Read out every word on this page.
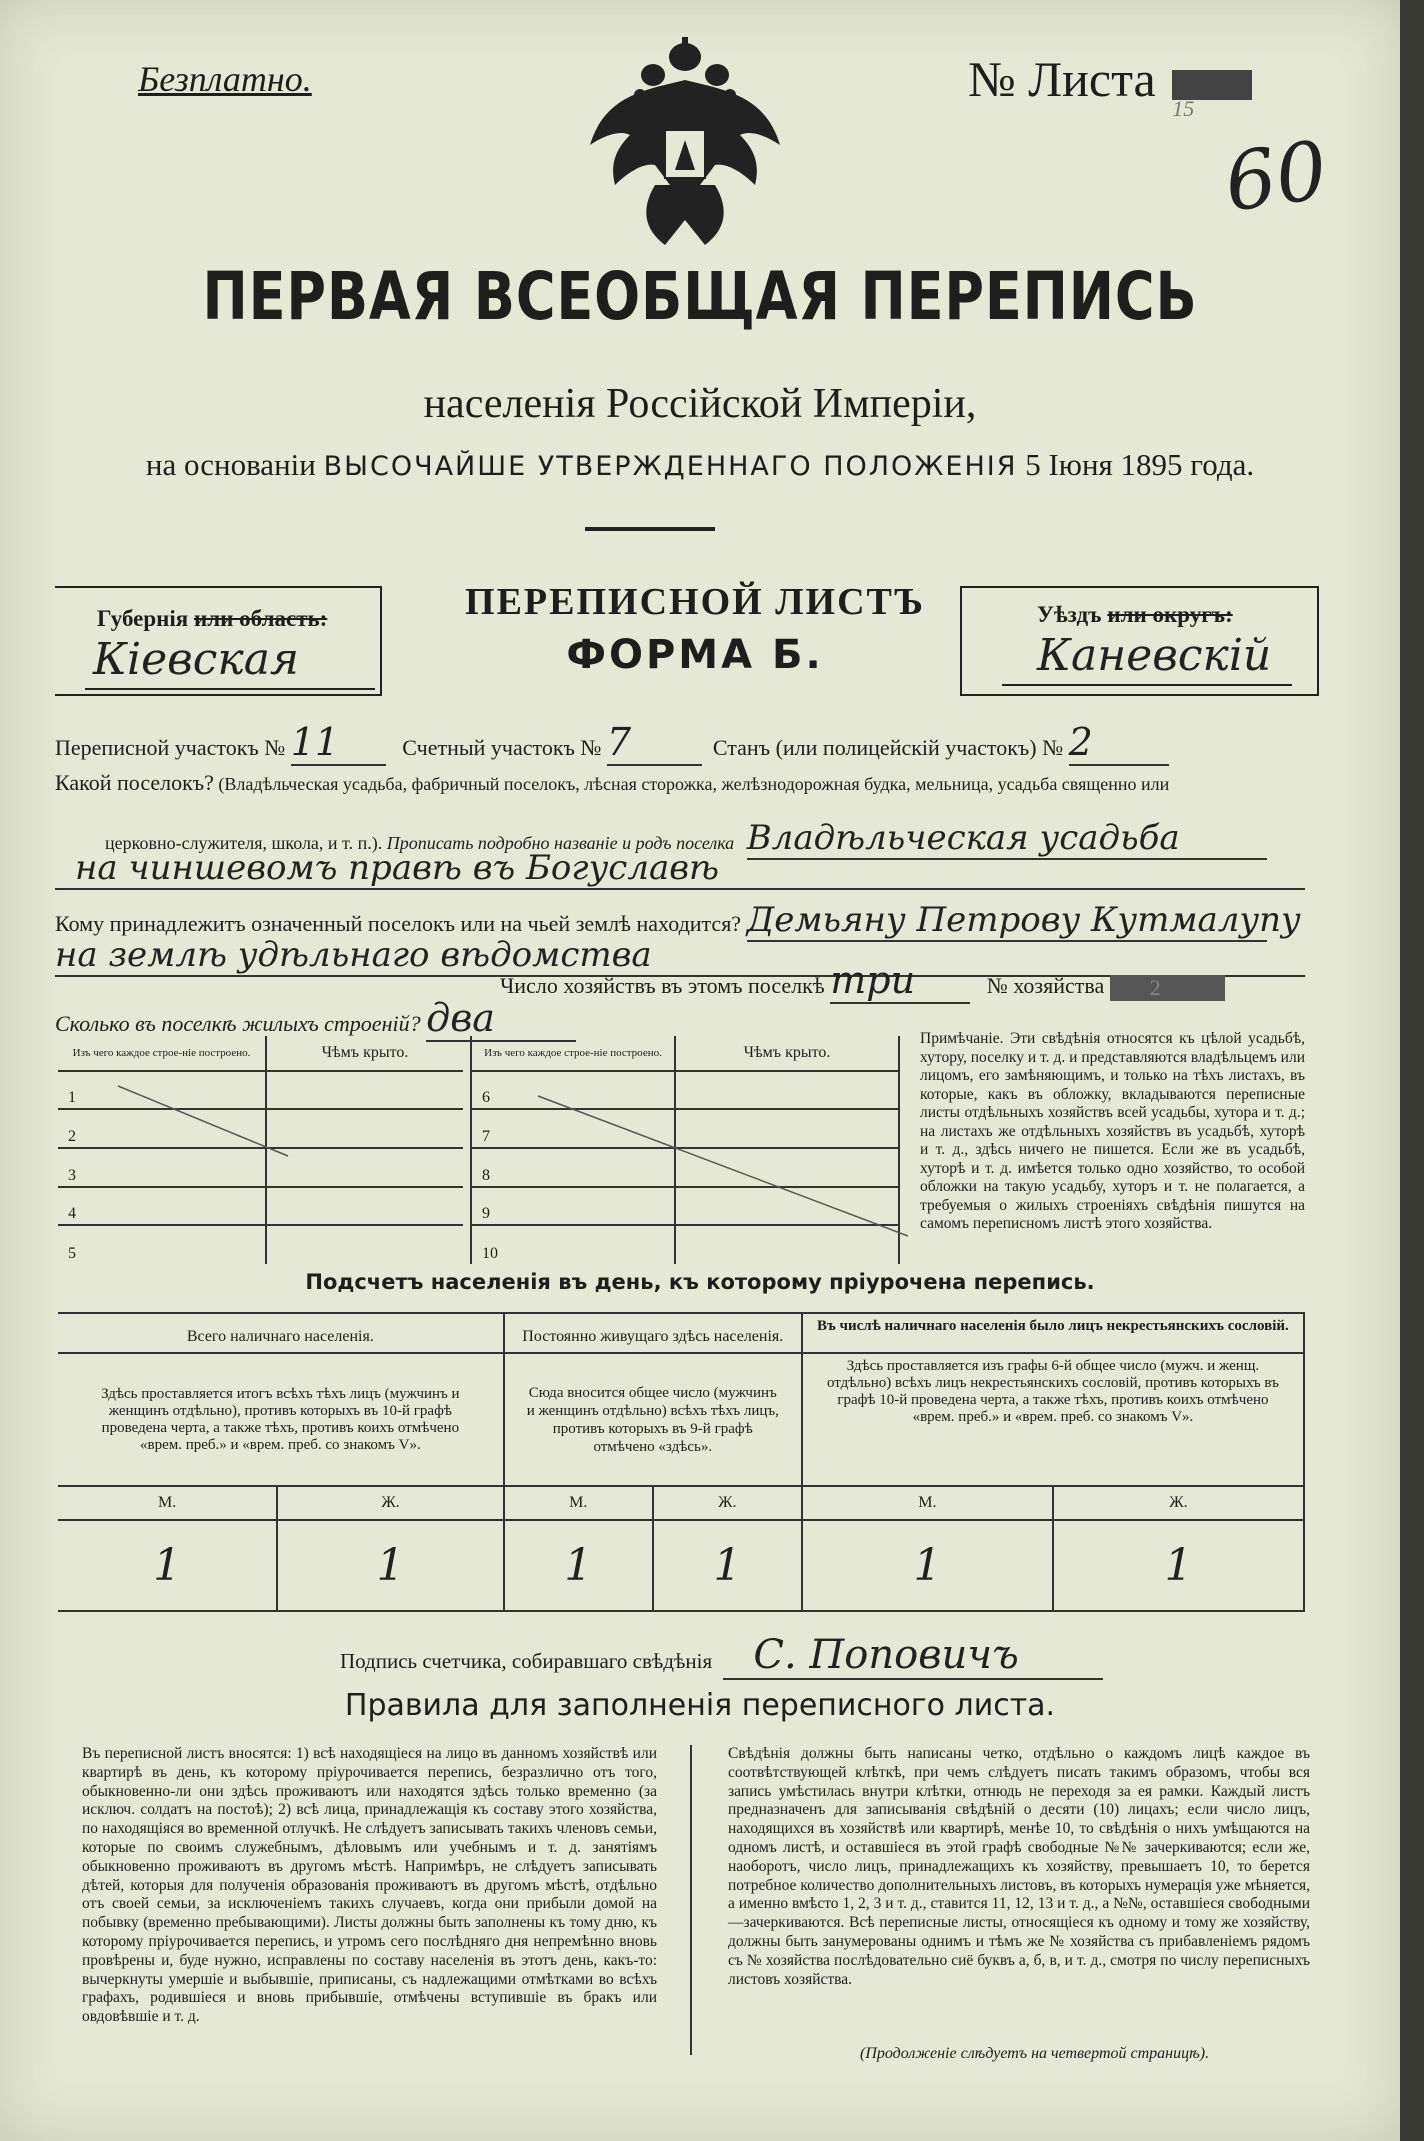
Безплатно.	№ Листа 15
60
ПЕРВАЯ ВСЕОБЩАЯ ПЕРЕПИСЬ
населенія Россійской Имперіи,
на основаніи ВЫСОЧАЙШЕ УТВЕРЖДЕННАГО ПОЛОЖЕНІЯ 5 Іюня 1895 года.
Губернія или область:
Кіевская
ПЕРЕПИСНОЙ ЛИСТЪ
ФОРМА Б.
Уѣздъ или округъ:
Каневскій
Переписной участокъ № 11	Счетный участокъ № 7	Станъ (или полицейскій участокъ) № 2
Какой поселокъ? (Владѣльческая усадьба, фабричный поселокъ, лѣсная сторожка, желѣзнодорожная будка, мельница, усадьба священно или
церковно-служителя, школа, и т. п.). Прописать подробно названіе и родъ поселка Владѣльческая усадьба
на чиншевомъ правѣ въ Богуславѣ
Кому принадлежитъ означенный поселокъ или на чьей землѣ находится? Демьяну Петрову Кутмалупу
на землѣ удѣльнаго вѣдомства
Число хозяйствъ въ этомъ поселкѣ три	№ хозяйства 2
Сколько въ поселкѣ жилыхъ строеній? два
Изъ чего каждое строе-ніе построено.	Чѣмъ крыто.
1	
2	
3	
4	
5	
Изъ чего каждое строе-ніе построено.	Чѣмъ крыто.
6	
7	
8	
9	
10	
Примѣчаніе. Эти свѣдѣнія относятся къ цѣлой усадьбѣ, хутору, поселку и т. д. и представляются владѣльцемъ или лицомъ, его замѣняющимъ, и только на тѣхъ листахъ, въ которые, какъ въ обложку, вкладываются переписные листы отдѣльныхъ хозяйствъ всей усадьбы, хутора и т. д.; на листахъ же отдѣльныхъ хозяйствъ въ усадьбѣ, хуторѣ и т. д., здѣсь ничего не пишется. Если же въ усадьбѣ, хуторѣ и т. д. имѣется только одно хозяйство, то особой обложки на такую усадьбу, хуторъ и т. не полагается, а требуемыя о жилыхъ строеніяхъ свѣдѣнія пишутся на самомъ переписномъ листѣ этого хозяйства.
Подсчетъ населенія въ день, къ которому пріурочена перепись.
Всего наличнаго населенія.		Постоянно живущаго здѣсь населенія.		Въ числѣ наличнаго населенія было лицъ некрестьянскихъ сословій.	
Здѣсь проставляется итогъ всѣхъ тѣхъ лицъ (мужчинъ и женщинъ отдѣльно), противъ которыхъ въ 10-й графѣ проведена черта, а также тѣхъ, противъ коихъ отмѣчено «врем. преб.» и «врем. преб. со знакомъ V».		Сюда вносится общее число (мужчинъ и женщинъ отдѣльно) всѣхъ тѣхъ лицъ, противъ которыхъ въ 9-й графѣ отмѣчено «здѣсь».		Здѣсь проставляется изъ графы 6-й общее число (мужч. и женщ. отдѣльно) всѣхъ лицъ некрестьянскихъ сословій, противъ которыхъ въ графѣ 10-й проведена черта, а также тѣхъ, противъ коихъ отмѣчено «врем. преб.» и «врем. преб. со знакомъ V».	
М.	Ж.	М.	Ж.	М.	Ж.
1	1	1	1	1	1
Подпись счетчика, собиравшаго свѣдѣнія С. Поповичъ
Правила для заполненія переписного листа.
Въ переписной листъ вносятся: 1) всѣ находящіеся на лицо въ данномъ хозяйствѣ или квартирѣ въ день, къ которому пріурочивается перепись, безразлично отъ того, обыкновенно-ли они здѣсь проживаютъ или находятся здѣсь только временно (за исключ. солдатъ на постоѣ); 2) всѣ лица, принадлежащія къ составу этого хозяйства, по находящіяся во временной отлучкѣ. Не слѣдуетъ записывать такихъ членовъ семьи, которые по своимъ служебнымъ, дѣловымъ или учебнымъ и т. д. занятіямъ обыкновенно проживаютъ въ другомъ мѣстѣ. Напримѣръ, не слѣдуетъ записывать дѣтей, которыя для полученія образованія проживаютъ въ другомъ мѣстѣ, отдѣльно отъ своей семьи, за исключеніемъ такихъ случаевъ, когда они прибыли домой на побывку (временно пребывающими). Листы должны быть заполнены къ тому дню, къ которому пріурочивается перепись, и утромъ сего послѣдняго дня непремѣнно вновь провѣрены и, буде нужно, исправлены по составу населенія въ этотъ день, какъ-то: вычеркнуты умершіе и выбывшіе, приписаны, съ надлежащими отмѣтками во всѣхъ графахъ, родившіеся и вновь прибывшіе, отмѣчены вступившіе въ бракъ или овдовѣвшіе и т. д.
Свѣдѣнія должны быть написаны четко, отдѣльно о каждомъ лицѣ каждое въ соотвѣтствующей клѣткѣ, при чемъ слѣдуетъ писать такимъ образомъ, чтобы вся запись умѣстилась внутри клѣтки, отнюдь не переходя за ея рамки. Каждый листъ предназначенъ для записыванія свѣдѣній о десяти (10) лицахъ; если число лицъ, находящихся въ хозяйствѣ или квартирѣ, менѣе 10, то свѣдѣнія о нихъ умѣщаются на одномъ листѣ, и оставшіеся въ этой графѣ свободные №№ зачеркиваются; если же, наоборотъ, число лицъ, принадлежащихъ къ хозяйству, превышаетъ 10, то берется потребное количество дополнительныхъ листовъ, въ которыхъ нумерація уже мѣняется, а именно вмѣсто 1, 2, 3 и т. д., ставится 11, 12, 13 и т. д., а №№, оставшіеся свободными—зачеркиваются. Всѣ переписные листы, относящіеся къ одному и тому же хозяйству, должны быть занумерованы однимъ и тѣмъ же № хозяйства съ прибавленіемъ рядомъ съ № хозяйства послѣдовательно сиё буквъ а, б, в, и т. д., смотря по числу переписныхъ листовъ хозяйства.
(Продолженіе слѣдуетъ на четвертой страницѣ).
